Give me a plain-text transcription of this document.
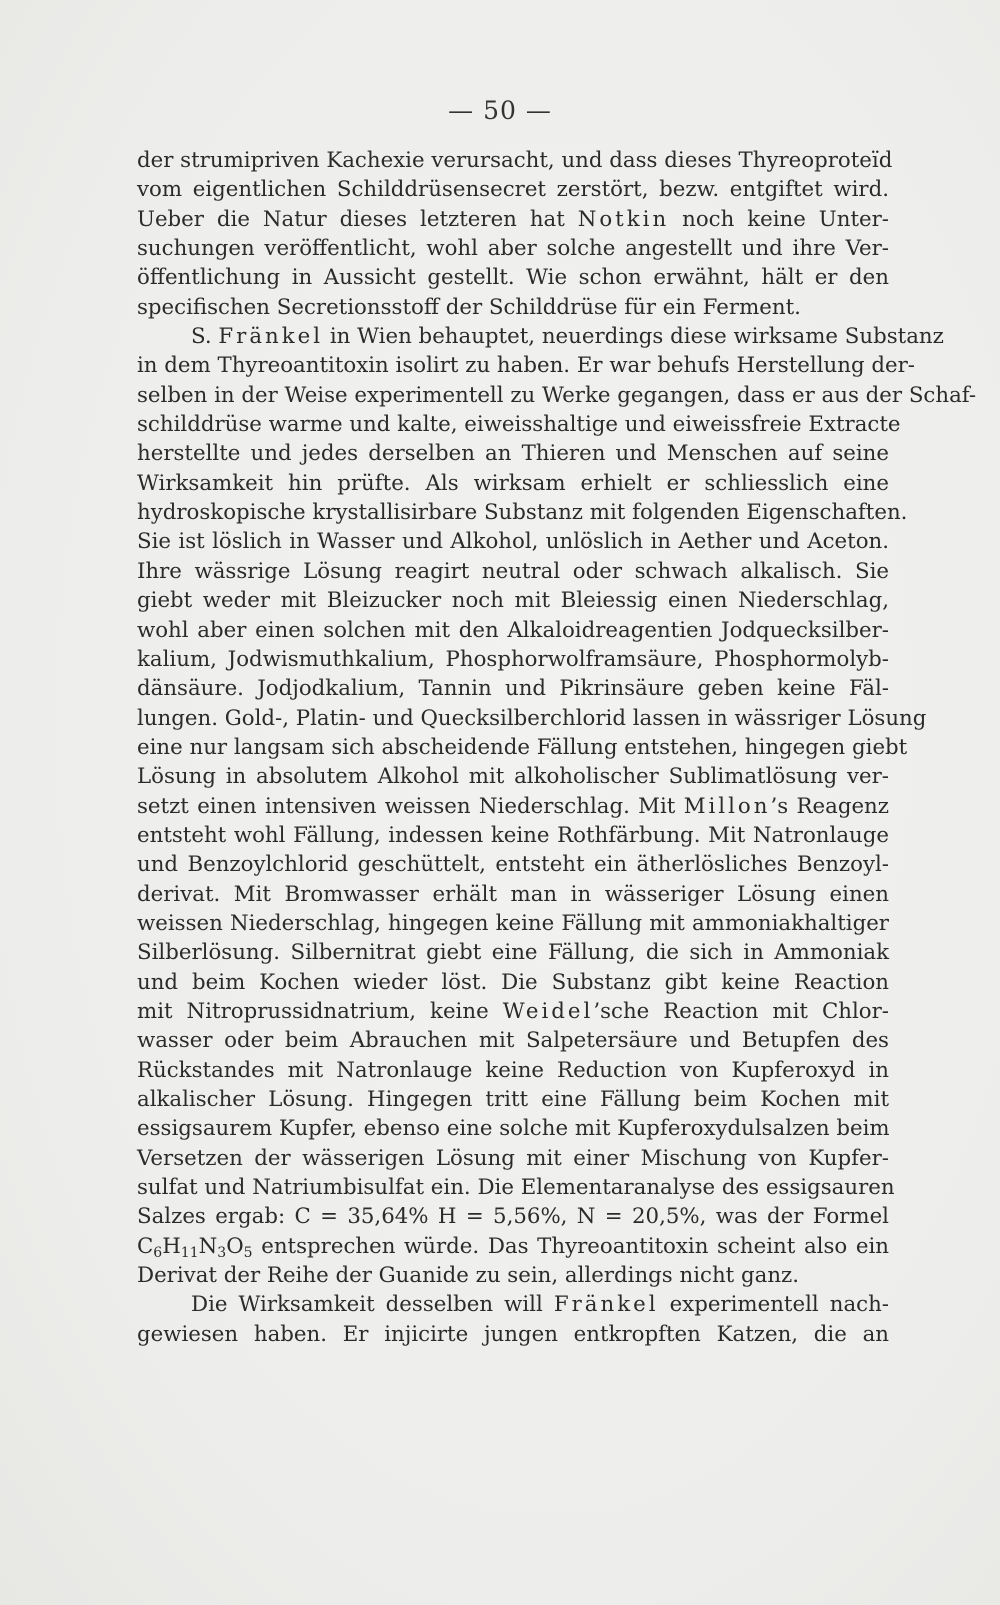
— 50 —
der strumipriven Kachexie verursacht, und dass dieses Thyreoproteïd
vom eigentlichen Schilddrüsensecret zerstört, bezw. entgiftet wird.
Ueber die Natur dieses letzteren hat Notkin noch keine Unter-
suchungen veröffentlicht, wohl aber solche angestellt und ihre Ver-
öffentlichung in Aussicht gestellt. Wie schon erwähnt, hält er den
specifischen Secretionsstoff der Schilddrüse für ein Ferment.
S. Fränkel in Wien behauptet, neuerdings diese wirksame Substanz
in dem Thyreoantitoxin isolirt zu haben. Er war behufs Herstellung der-
selben in der Weise experimentell zu Werke gegangen, dass er aus der Schaf-
schilddrüse warme und kalte, eiweisshaltige und eiweissfreie Extracte
herstellte und jedes derselben an Thieren und Menschen auf seine
Wirksamkeit hin prüfte. Als wirksam erhielt er schliesslich eine
hydroskopische krystallisirbare Substanz mit folgenden Eigenschaften.
Sie ist löslich in Wasser und Alkohol, unlöslich in Aether und Aceton.
Ihre wässrige Lösung reagirt neutral oder schwach alkalisch. Sie
giebt weder mit Bleizucker noch mit Bleiessig einen Niederschlag,
wohl aber einen solchen mit den Alkaloidreagentien Jodquecksilber-
kalium, Jodwismuthkalium, Phosphorwolframsäure, Phosphormolyb-
dänsäure. Jodjodkalium, Tannin und Pikrinsäure geben keine Fäl-
lungen. Gold-, Platin- und Quecksilberchlorid lassen in wässriger Lösung
eine nur langsam sich abscheidende Fällung entstehen, hingegen giebt
Lösung in absolutem Alkohol mit alkoholischer Sublimatlösung ver-
setzt einen intensiven weissen Niederschlag. Mit Millon’s Reagenz
entsteht wohl Fällung, indessen keine Rothfärbung. Mit Natronlauge
und Benzoylchlorid geschüttelt, entsteht ein ätherlösliches Benzoyl-
derivat. Mit Bromwasser erhält man in wässeriger Lösung einen
weissen Niederschlag, hingegen keine Fällung mit ammoniakhaltiger
Silberlösung. Silbernitrat giebt eine Fällung, die sich in Ammoniak
und beim Kochen wieder löst. Die Substanz gibt keine Reaction
mit Nitroprussidnatrium, keine Weidel’sche Reaction mit Chlor-
wasser oder beim Abrauchen mit Salpetersäure und Betupfen des
Rückstandes mit Natronlauge keine Reduction von Kupferoxyd in
alkalischer Lösung. Hingegen tritt eine Fällung beim Kochen mit
essigsaurem Kupfer, ebenso eine solche mit Kupferoxydulsalzen beim
Versetzen der wässerigen Lösung mit einer Mischung von Kupfer-
sulfat und Natriumbisulfat ein. Die Elementaranalyse des essigsauren
Salzes ergab: C = 35,64% H = 5,56%, N = 20,5%, was der Formel
$C_6H_{11}N_3O_5$ entsprechen würde. Das Thyreoantitoxin scheint also ein
Derivat der Reihe der Guanide zu sein, allerdings nicht ganz.
Die Wirksamkeit desselben will Fränkel experimentell nach-
gewiesen haben. Er injicirte jungen entkropften Katzen, die an
